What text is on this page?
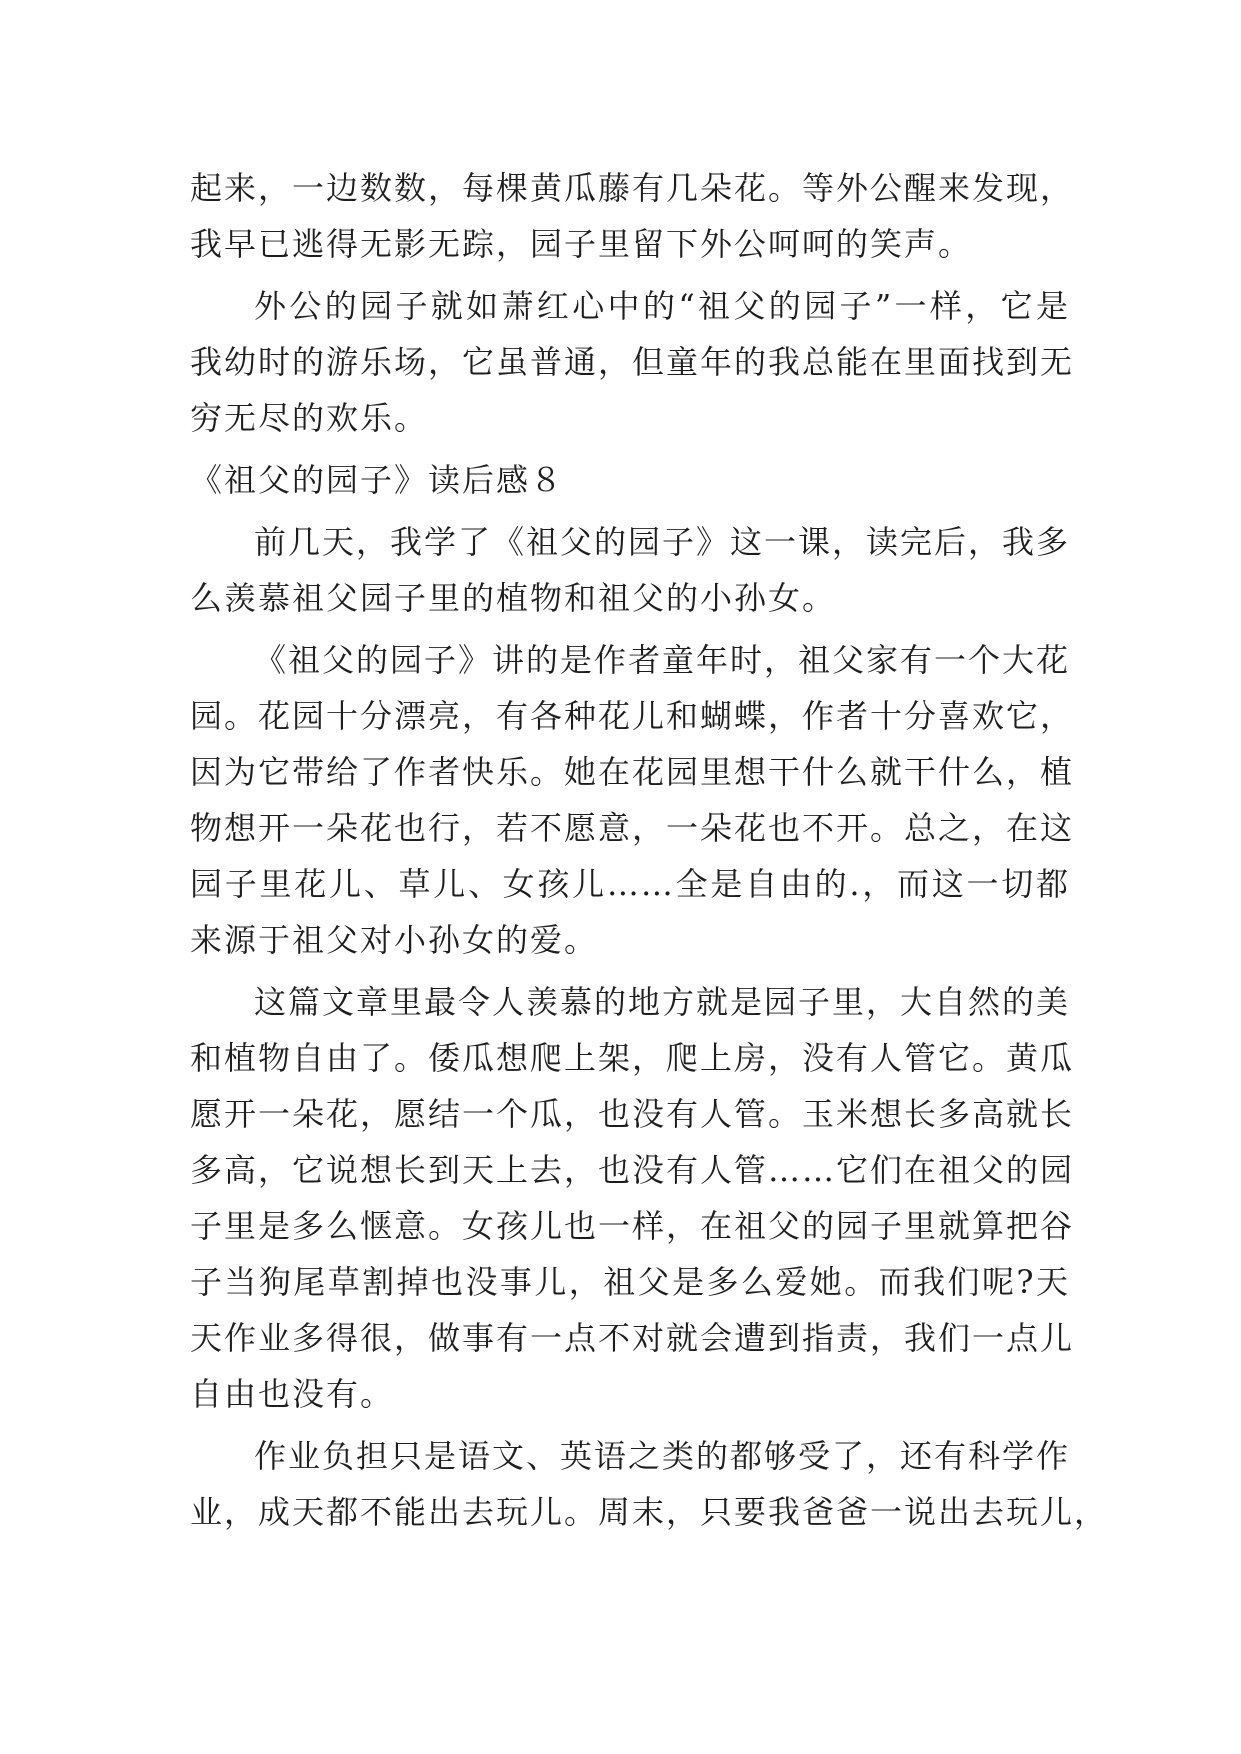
起来，一边数数，每棵黄瓜藤有几朵花。等外公醒来发现，
我早已逃得无影无踪，园子里留下外公呵呵的笑声。
外公的园子就如萧红心中的“祖父的园子”一样，它是
我幼时的游乐场，它虽普通，但童年的我总能在里面找到无
穷无尽的欢乐。
《祖父的园子》读后感８
前几天，我学了《祖父的园子》这一课，读完后，我多
么羡慕祖父园子里的植物和祖父的小孙女。
《祖父的园子》讲的是作者童年时，祖父家有一个大花
园。花园十分漂亮，有各种花儿和蝴蝶，作者十分喜欢它，
因为它带给了作者快乐。她在花园里想干什么就干什么，植
物想开一朵花也行，若不愿意，一朵花也不开。总之，在这
园子里花儿、草儿、女孩儿……全是自由的.，而这一切都
来源于祖父对小孙女的爱。
这篇文章里最令人羡慕的地方就是园子里，大自然的美
和植物自由了。倭瓜想爬上架，爬上房，没有人管它。黄瓜
愿开一朵花，愿结一个瓜，也没有人管。玉米想长多高就长
多高，它说想长到天上去，也没有人管……它们在祖父的园
子里是多么惬意。女孩儿也一样，在祖父的园子里就算把谷
子当狗尾草割掉也没事儿，祖父是多么爱她。而我们呢?天
天作业多得很，做事有一点不对就会遭到指责，我们一点儿
自由也没有。
作业负担只是语文、英语之类的都够受了，还有科学作
业，成天都不能出去玩儿。周末，只要我爸爸一说出去玩儿，
